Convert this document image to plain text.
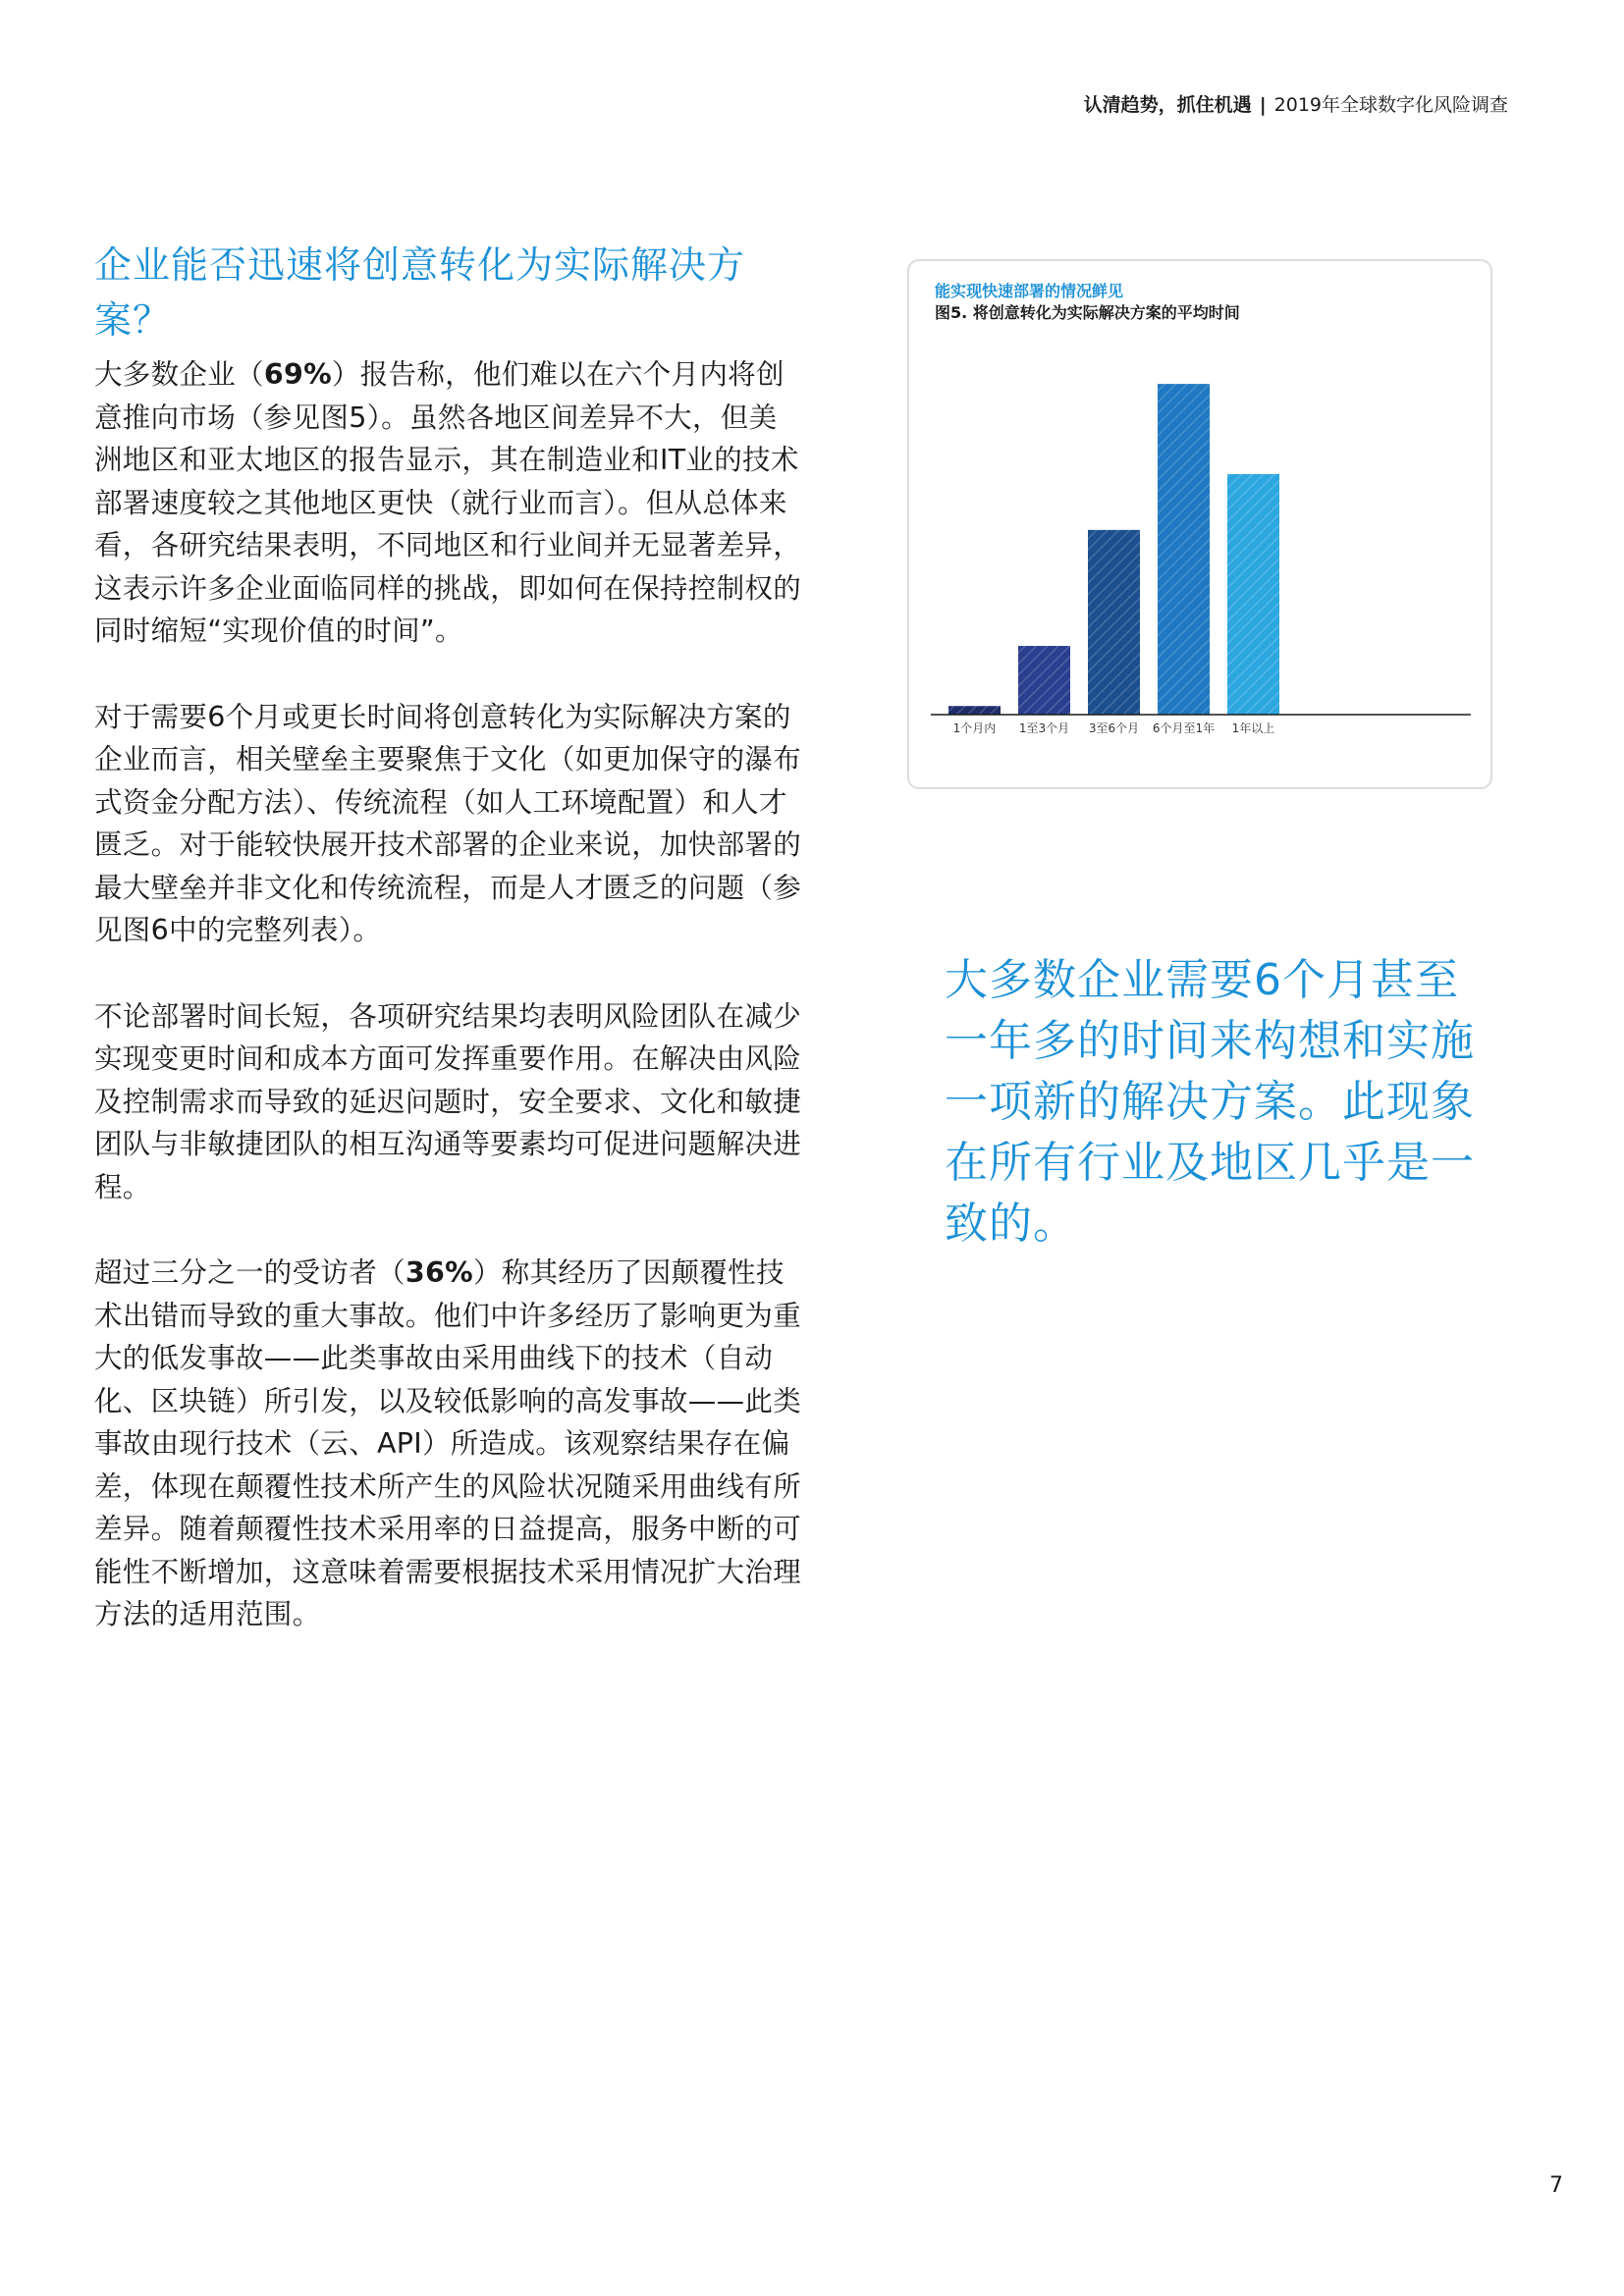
认清趋势，抓住机遇 | 2019年全球数字化风险调查
企业能否迅速将创意转化为实际解决方案？

大多数企业（69%）报告称，他们难以在六个月内将创意推向市场（参见图5）。虽然各地区间差异不大，但美洲地区和亚太地区的报告显示，其在制造业和IT业的技术部署速度较之其他地区更快（就行业而言）。但从总体来看，各研究结果表明，不同地区和行业间并无显著差异，这表示许多企业面临同样的挑战，即如何在保持控制权的同时缩短“实现价值的时间”。

对于需要6个月或更长时间将创意转化为实际解决方案的企业而言，相关壁垒主要聚焦于文化（如更加保守的瀑布式资金分配方法）、传统流程（如人工环境配置）和人才匮乏。对于能较快展开技术部署的企业来说，加快部署的最大壁垒并非文化和传统流程，而是人才匮乏的问题（参见图6中的完整列表）。

不论部署时间长短，各项研究结果均表明风险团队在减少实现变更时间和成本方面可发挥重要作用。在解决由风险及控制需求而导致的延迟问题时，安全要求、文化和敏捷团队与非敏捷团队的相互沟通等要素均可促进问题解决进程。

超过三分之一的受访者（36%）称其经历了因颠覆性技术出错而导致的重大事故。他们中许多经历了影响更为重大的低发事故——此类事故由采用曲线下的技术（自动化、区块链）所引发，以及较低影响的高发事故——此类事故由现行技术（云、API）所造成。该观察结果存在偏差，体现在颠覆性技术所产生的风险状况随采用曲线有所差异。随着颠覆性技术采用率的日益提高，服务中断的可能性不断增加，这意味着需要根据技术采用情况扩大治理方法的适用范围。

能实现快速部署的情况鲜见
图5. 将创意转化为实际解决方案的平均时间
1个月内 1至3个月 3至6个月 6个月至1年 1年以上
大多数企业需要6个月甚至一年多的时间来构想和实施一项新的解决方案。此现象在所有行业及地区几乎是一致的。
7
